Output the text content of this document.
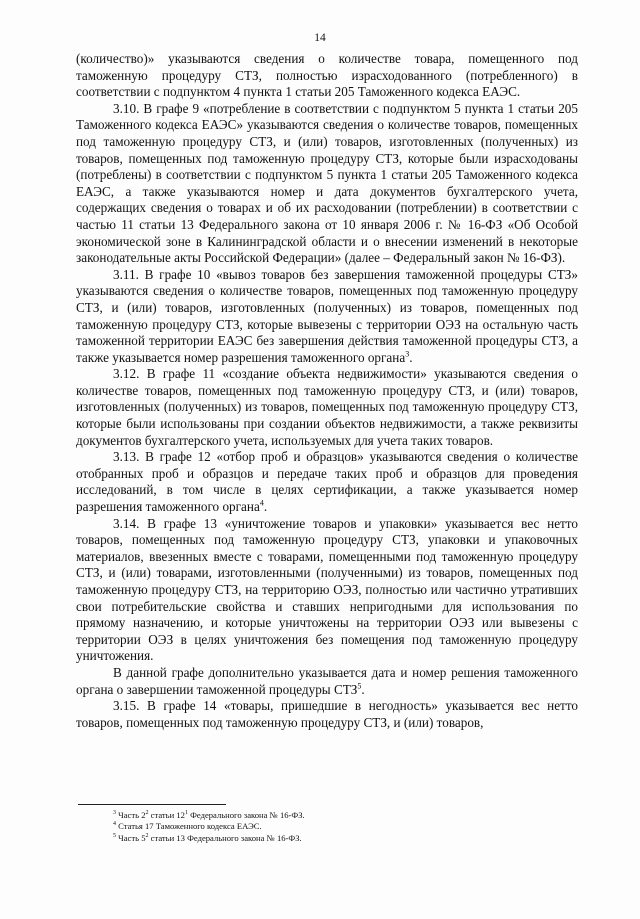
14

(количество)» указываются сведения о количестве товара, помещенного под таможенную процедуру СТЗ, полностью израсходованного (потребленного) в соответствии с подпунктом 4 пункта 1 статьи 205 Таможенного кодекса ЕАЭС.

3.10. В графе 9 «потребление в соответствии с подпунктом 5 пункта 1 статьи 205 Таможенного кодекса ЕАЭС» указываются сведения о количестве товаров, помещенных под таможенную процедуру СТЗ, и (или) товаров, изготовленных (полученных) из товаров, помещенных под таможенную процедуру СТЗ, которые были израсходованы (потреблены) в соответствии с подпунктом 5 пункта 1 статьи 205 Таможенного кодекса ЕАЭС, а также указываются номер и дата документов бухгалтерского учета, содержащих сведения о товарах и об их расходовании (потреблении) в соответствии с частью 11 статьи 13 Федерального закона от 10 января 2006 г. № 16-ФЗ «Об Особой экономической зоне в Калининградской области и о внесении изменений в некоторые законодательные акты Российской Федерации» (далее – Федеральный закон № 16-ФЗ).

3.11. В графе 10 «вывоз товаров без завершения таможенной процедуры СТЗ» указываются сведения о количестве товаров, помещенных под таможенную процедуру СТЗ, и (или) товаров, изготовленных (полученных) из товаров, помещенных под таможенную процедуру СТЗ, которые вывезены с территории ОЭЗ на остальную часть таможенной территории ЕАЭС без завершения действия таможенной процедуры СТЗ, а также указывается номер разрешения таможенного органа$^3$.

3.12. В графе 11 «создание объекта недвижимости» указываются сведения о количестве товаров, помещенных под таможенную процедуру СТЗ, и (или) товаров, изготовленных (полученных) из товаров, помещенных под таможенную процедуру СТЗ, которые были использованы при создании объектов недвижимости, а также реквизиты документов бухгалтерского учета, используемых для учета таких товаров.

3.13. В графе 12 «отбор проб и образцов» указываются сведения о количестве отобранных проб и образцов и передаче таких проб и образцов для проведения исследований, в том числе в целях сертификации, а также указывается номер разрешения таможенного органа$^4$.

3.14. В графе 13 «уничтожение товаров и упаковки» указывается вес нетто товаров, помещенных под таможенную процедуру СТЗ, упаковки и упаковочных материалов, ввезенных вместе с товарами, помещенными под таможенную процедуру СТЗ, и (или) товарами, изготовленными (полученными) из товаров, помещенных под таможенную процедуру СТЗ, на территорию ОЭЗ, полностью или частично утративших свои потребительские свойства и ставших непригодными для использования по прямому назначению, и которые уничтожены на территории ОЭЗ или вывезены с территории ОЭЗ в целях уничтожения без помещения под таможенную процедуру уничтожения.

В данной графе дополнительно указывается дата и номер решения таможенного органа о завершении таможенной процедуры СТЗ$^5$.

3.15. В графе 14 «товары, пришедшие в негодность» указывается вес нетто товаров, помещенных под таможенную процедуру СТЗ, и (или) товаров,

$^3$ Часть $2^2$ статьи $12^1$ Федерального закона № 16-ФЗ.
$^4$ Статья 17 Таможенного кодекса ЕАЭС.
$^5$ Часть $5^2$ статьи 13 Федерального закона № 16-ФЗ.
